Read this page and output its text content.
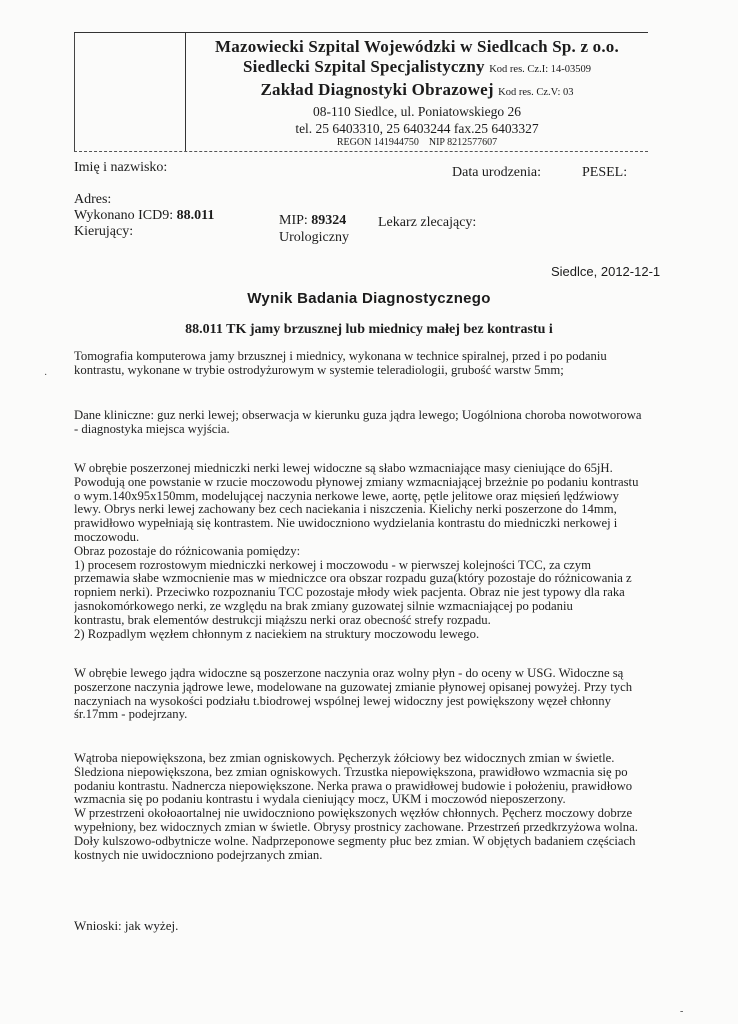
Mazowiecki Szpital Wojewódzki w Siedlcach Sp. z o.o.
Siedlecki Szpital Specjalistyczny Kod res. Cz.I: 14-03509
Zakład Diagnostyki Obrazowej Kod res. Cz.V: 03
08-110 Siedlce, ul. Poniatowskiego 26
tel. 25 6403310, 25 6403244 fax.25 6403327
REGON 141944750 NIP 8212577607
Imię i nazwisko:	Data urodzenia:	PESEL:
Adres:
Wykonano ICD9: 88.011
Kierujący:
MIP: 89324
Urologiczny
Lekarz zlecający:
Siedlce, 2012-12-1
Wynik Badania Diagnostycznego
88.011 TK jamy brzusznej lub miednicy małej bez kontrastu i
Tomografia komputerowa jamy brzusznej i miednicy, wykonana w technice spiralnej, przed i po podaniu
kontrastu, wykonane w trybie ostrodyżurowym w systemie teleradiologii, grubość warstw 5mm;
Dane kliniczne: guz nerki lewej; obserwacja w kierunku guza jądra lewego; Uogólniona choroba nowotworowa
- diagnostyka miejsca wyjścia.
W obrębie poszerzonej miedniczki nerki lewej widoczne są słabo wzmacniające masy cieniujące do 65jH.
Powodują one powstanie w rzucie moczowodu płynowej zmiany wzmacniającej brzeżnie po podaniu kontrastu
o wym.140x95x150mm, modelującej naczynia nerkowe lewe, aortę, pętle jelitowe oraz mięsień lędźwiowy
lewy. Obrys nerki lewej zachowany bez cech naciekania i niszczenia. Kielichy nerki poszerzone do 14mm,
prawidłowo wypełniają się kontrastem. Nie uwidoczniono wydzielania kontrastu do miedniczki nerkowej i
moczowodu.
Obraz pozostaje do różnicowania pomiędzy:
1) procesem rozrostowym miedniczki nerkowej i moczowodu - w pierwszej kolejności TCC, za czym
przemawia słabe wzmocnienie mas w miedniczce ora obszar rozpadu guza(który pozostaje do różnicowania z
ropniem nerki). Przeciwko rozpoznaniu TCC pozostaje młody wiek pacjenta. Obraz nie jest typowy dla raka
jasnokomórkowego nerki, ze względu na brak zmiany guzowatej silnie wzmacniającej po podaniu
kontrastu, brak elementów destrukcji miąższu nerki oraz obecność strefy rozpadu.
2) Rozpadlym węzłem chłonnym z naciekiem na struktury moczowodu lewego.
W obrębie lewego jądra widoczne są poszerzone naczynia oraz wolny płyn - do oceny w USG. Widoczne są
poszerzone naczynia jądrowe lewe, modelowane na guzowatej zmianie płynowej opisanej powyżej. Przy tych
naczyniach na wysokości podziału t.biodrowej wspólnej lewej widoczny jest powiększony węzeł chłonny
śr.17mm - podejrzany.
Wątroba niepowiększona, bez zmian ogniskowych. Pęcherzyk żółciowy bez widocznych zmian w świetle.
Śledziona niepowiększona, bez zmian ogniskowych. Trzustka niepowiększona, prawidłowo wzmacnia się po
podaniu kontrastu. Nadnercza niepowiększone. Nerka prawa o prawidłowej budowie i położeniu, prawidłowo
wzmacnia się po podaniu kontrastu i wydala cieniujący mocz, UKM i moczowód nieposzerzony.
W przestrzeni okołoaortalnej nie uwidoczniono powiększonych węzłów chłonnych. Pęcherz moczowy dobrze
wypełniony, bez widocznych zmian w świetle. Obrysy prostnicy zachowane. Przestrzeń przedkrzyżowa wolna.
Doły kulszowo-odbytnicze wolne. Nadprzeponowe segmenty płuc bez zmian. W objętych badaniem częściach
kostnych nie uwidoczniono podejrzanych zmian.
Wnioski: jak wyżej.
·
-
